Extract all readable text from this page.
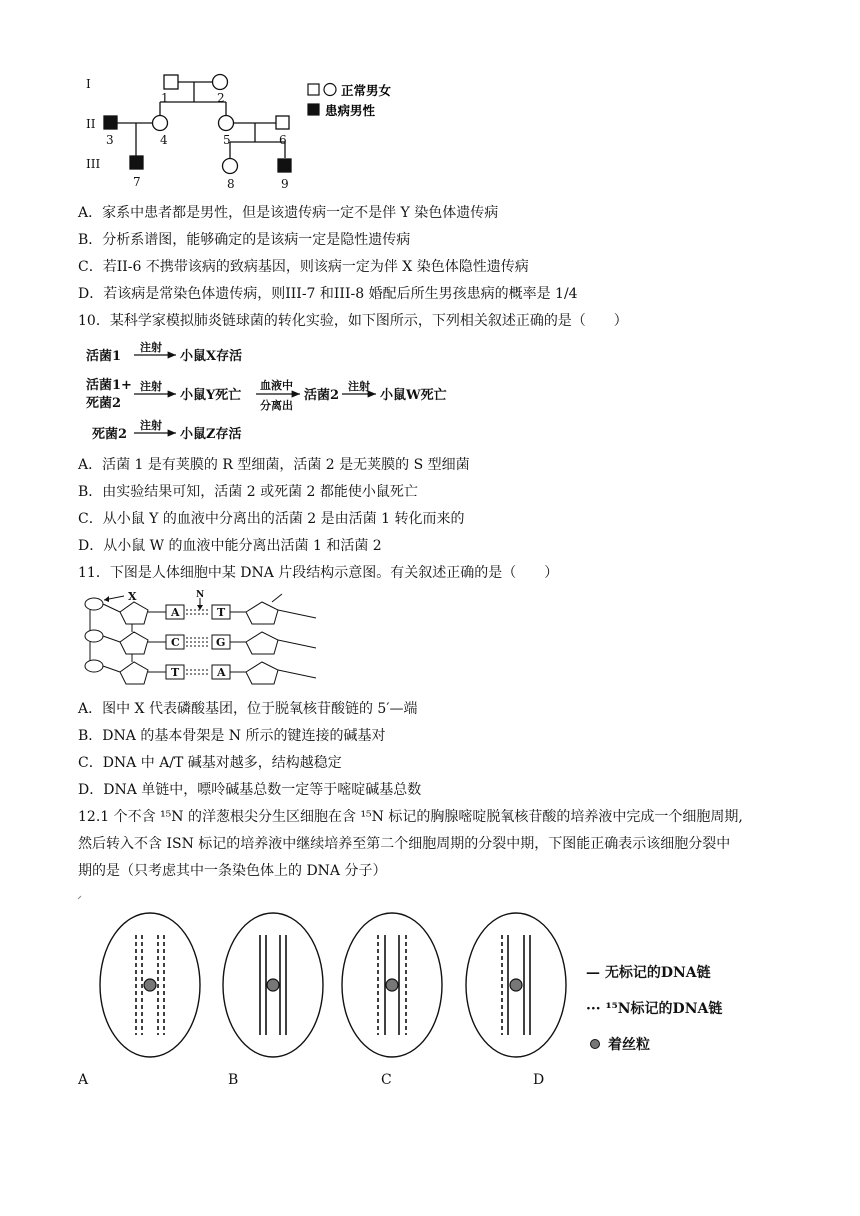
I
II
III
1	2
3	4	5	6
7	8	9
正常男女
患病男性
A．家系中患者都是男性，但是该遗传病一定不是伴 Y 染色体遗传病
B．分析系谱图，能够确定的是该病一定是隐性遗传病
C．若II-6 不携带该病的致病基因，则该病一定为伴 X 染色体隐性遗传病
D．若该病是常染色体遗传病，则III-7 和III-8 婚配后所生男孩患病的概率是 1/4
10．某科学家模拟肺炎链球菌的转化实验，如下图所示，下列相关叙述正确的是（　　）
活菌1
注射
小鼠X存活
活菌1+
死菌2
注射
小鼠Y死亡
血液中
分离出
活菌2
注射
小鼠W死亡
死菌2
注射
小鼠Z存活
A．活菌 1 是有荚膜的 R 型细菌，活菌 2 是无荚膜的 S 型细菌
B．由实验结果可知，活菌 2 或死菌 2 都能使小鼠死亡
C．从小鼠 Y 的血液中分离出的活菌 2 是由活菌 1 转化而来的
D．从小鼠 W 的血液中能分离出活菌 1 和活菌 2
11．下图是人体细胞中某 DNA 片段结构示意图。有关叙述正确的是（　　）
X	N
A	T
C	G
T	A
A．图中 X 代表磷酸基团，位于脱氧核苷酸链的 5′—端
B．DNA 的基本骨架是 N 所示的键连接的碱基对
C．DNA 中 A/T 碱基对越多，结构越稳定
D．DNA 单链中，嘌呤碱基总数一定等于嘧啶碱基总数
12.1 个不含 ¹⁵N 的洋葱根尖分生区细胞在含 ¹⁵N 标记的胸腺嘧啶脱氧核苷酸的培养液中完成一个细胞周期,
然后转入不含 ISN 标记的培养液中继续培养至第二个细胞周期的分裂中期，下图能正确表示该细胞分裂中
期的是（只考虑其中一条染色体上的 DNA 分子）
— 无标记的DNA链
··· ¹⁵N标记的DNA链
着丝粒
A	B	C	D
